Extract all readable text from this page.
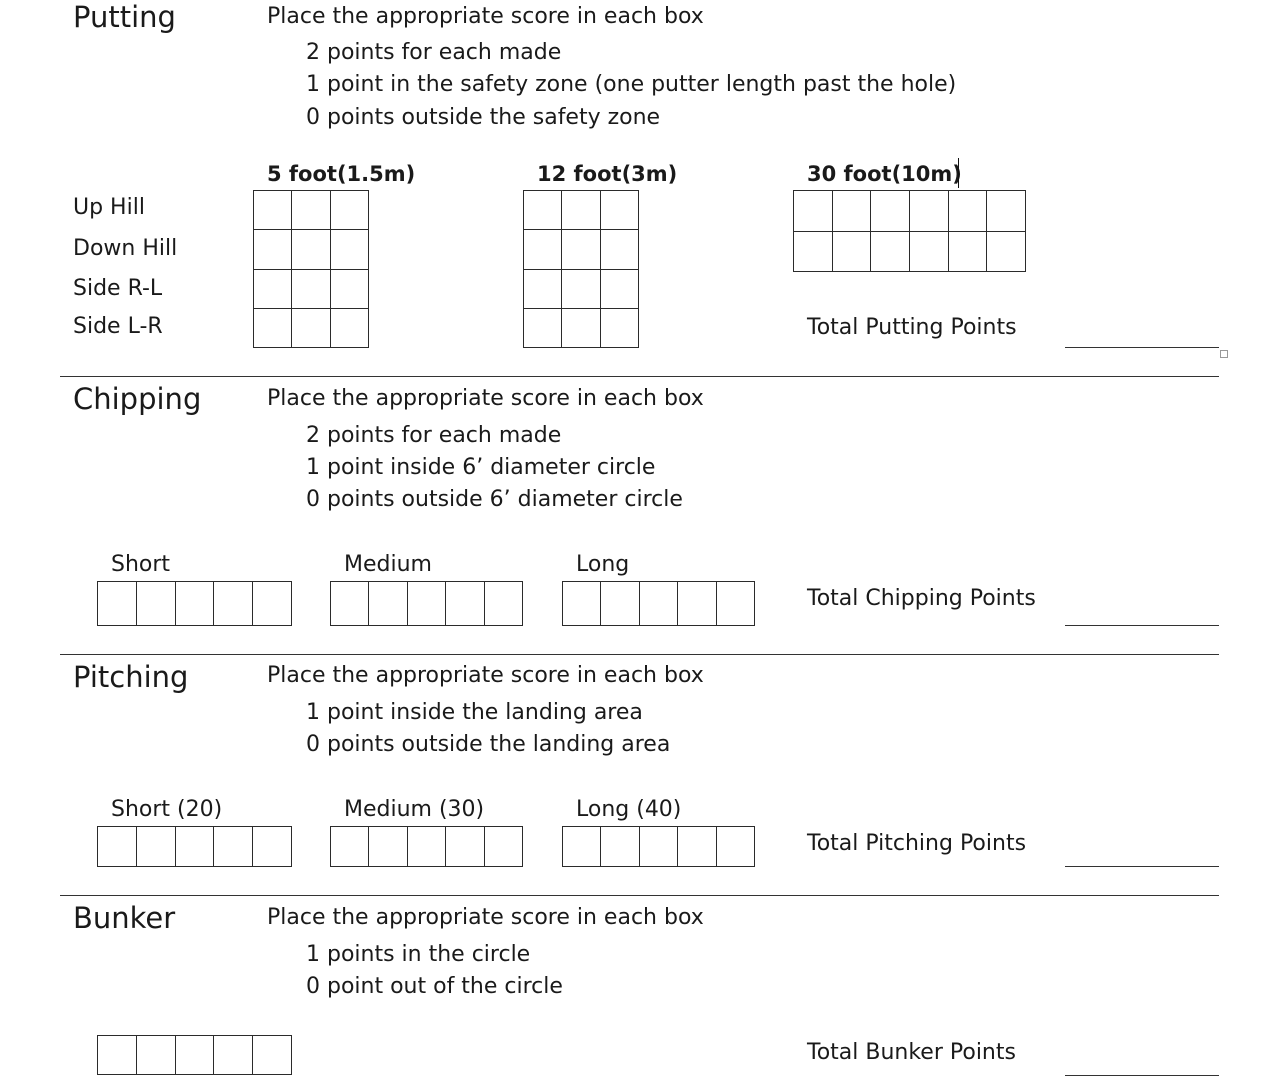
Putting	Place the appropriate score in each box
2 points for each made
1 point in the safety zone (one putter length past the hole)
0 points outside the safety zone
5 foot(1.5m)	12 foot(3m)	30 foot(10m)
Up Hill
Down Hill
Side R-L
Side L-R

						Total Putting Points
Chipping	Place the appropriate score in each box
2 points for each made
1 point inside 6’ diameter circle
0 points outside 6’ diameter circle
Short	Medium	Long

Total Chipping Points
Pitching	Place the appropriate score in each box
1 point inside the landing area
0 points outside the landing area
Short (20)	Medium (30)	Long (40)

Total Pitching Points
Bunker	Place the appropriate score in each box
1 points in the circle
0 point out of the circle

Total Bunker Points
